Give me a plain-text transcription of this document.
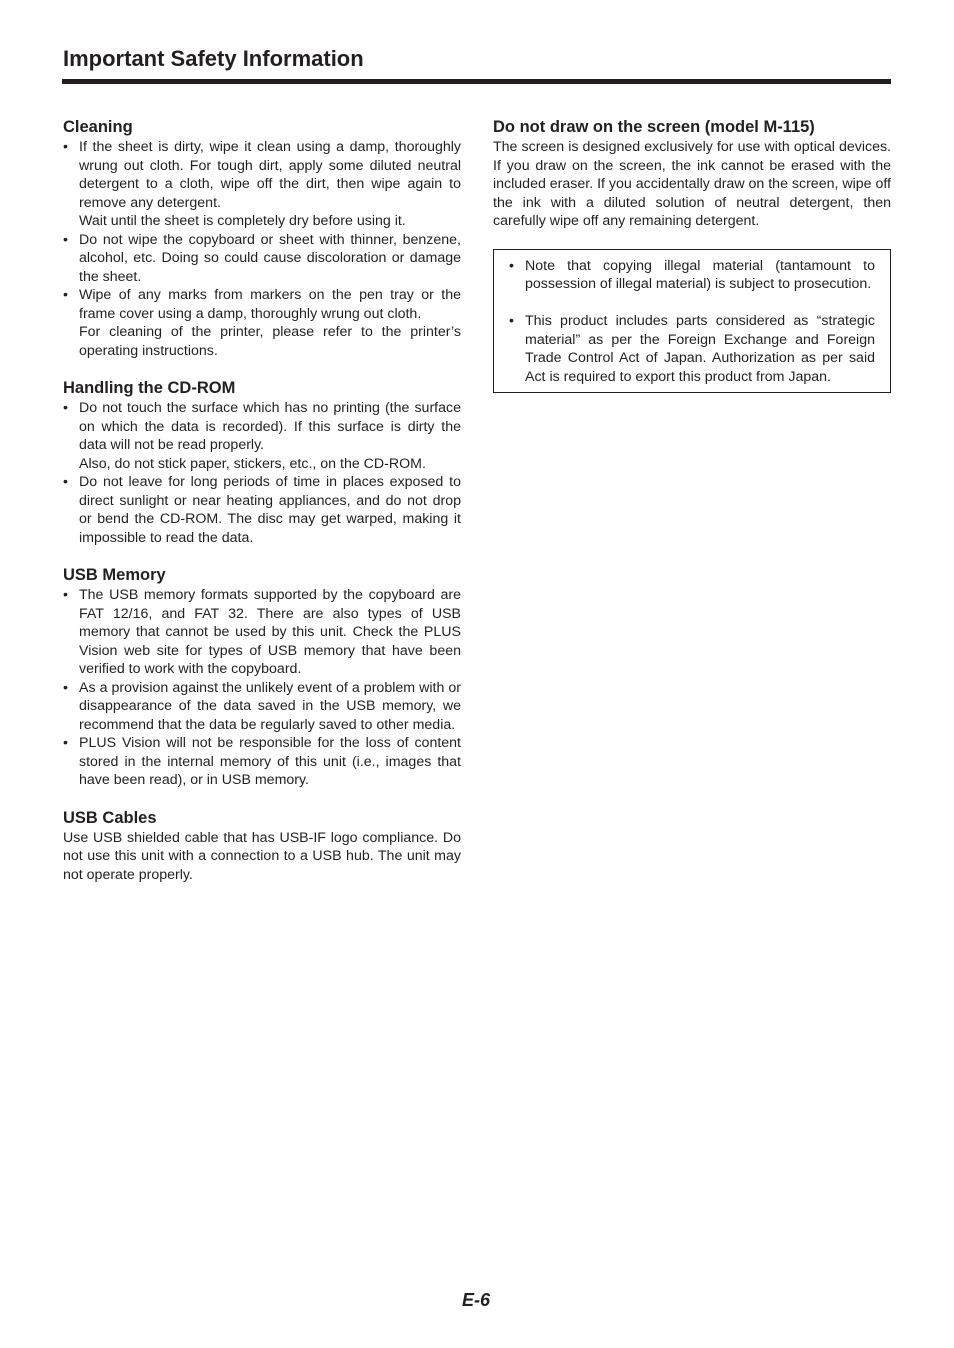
Important Safety Information
Cleaning
• If the sheet is dirty, wipe it clean using a damp, thoroughly wrung out cloth. For tough dirt, apply some diluted neutral detergent to a cloth, wipe off the dirt, then wipe again to remove any detergent.
Wait until the sheet is completely dry before using it.
• Do not wipe the copyboard or sheet with thinner, benzene, alcohol, etc. Doing so could cause discoloration or damage the sheet.
• Wipe of any marks from markers on the pen tray or the frame cover using a damp, thoroughly wrung out cloth.
For cleaning of the printer, please refer to the printer’s operating instructions.
Handling the CD-ROM
• Do not touch the surface which has no printing (the surface on which the data is recorded). If this surface is dirty the data will not be read properly.
Also, do not stick paper, stickers, etc., on the CD-ROM.
• Do not leave for long periods of time in places exposed to direct sunlight or near heating appliances, and do not drop or bend the CD-ROM. The disc may get warped, making it impossible to read the data.
USB Memory
• The USB memory formats supported by the copyboard are FAT 12/16, and FAT 32. There are also types of USB memory that cannot be used by this unit. Check the PLUS Vision web site for types of USB memory that have been verified to work with the copyboard.
• As a provision against the unlikely event of a problem with or disappearance of the data saved in the USB memory, we recommend that the data be regularly saved to other media.
• PLUS Vision will not be responsible for the loss of content stored in the internal memory of this unit (i.e., images that have been read), or in USB memory.
USB Cables

Use USB shielded cable that has USB-IF logo compliance. Do not use this unit with a connection to a USB hub. The unit may not operate properly.

Do not draw on the screen (model M-115)

The screen is designed exclusively for use with optical devices. If you draw on the screen, the ink cannot be erased with the included eraser. If you accidentally draw on the screen, wipe off the ink with a diluted solution of neutral detergent, then carefully wipe off any remaining detergent.

• Note that copying illegal material (tantamount to possession of illegal material) is subject to prosecution.
• This product includes parts considered as “strategic material” as per the Foreign Exchange and Foreign Trade Control Act of Japan. Authorization as per said Act is required to export this product from Japan.
E-6
